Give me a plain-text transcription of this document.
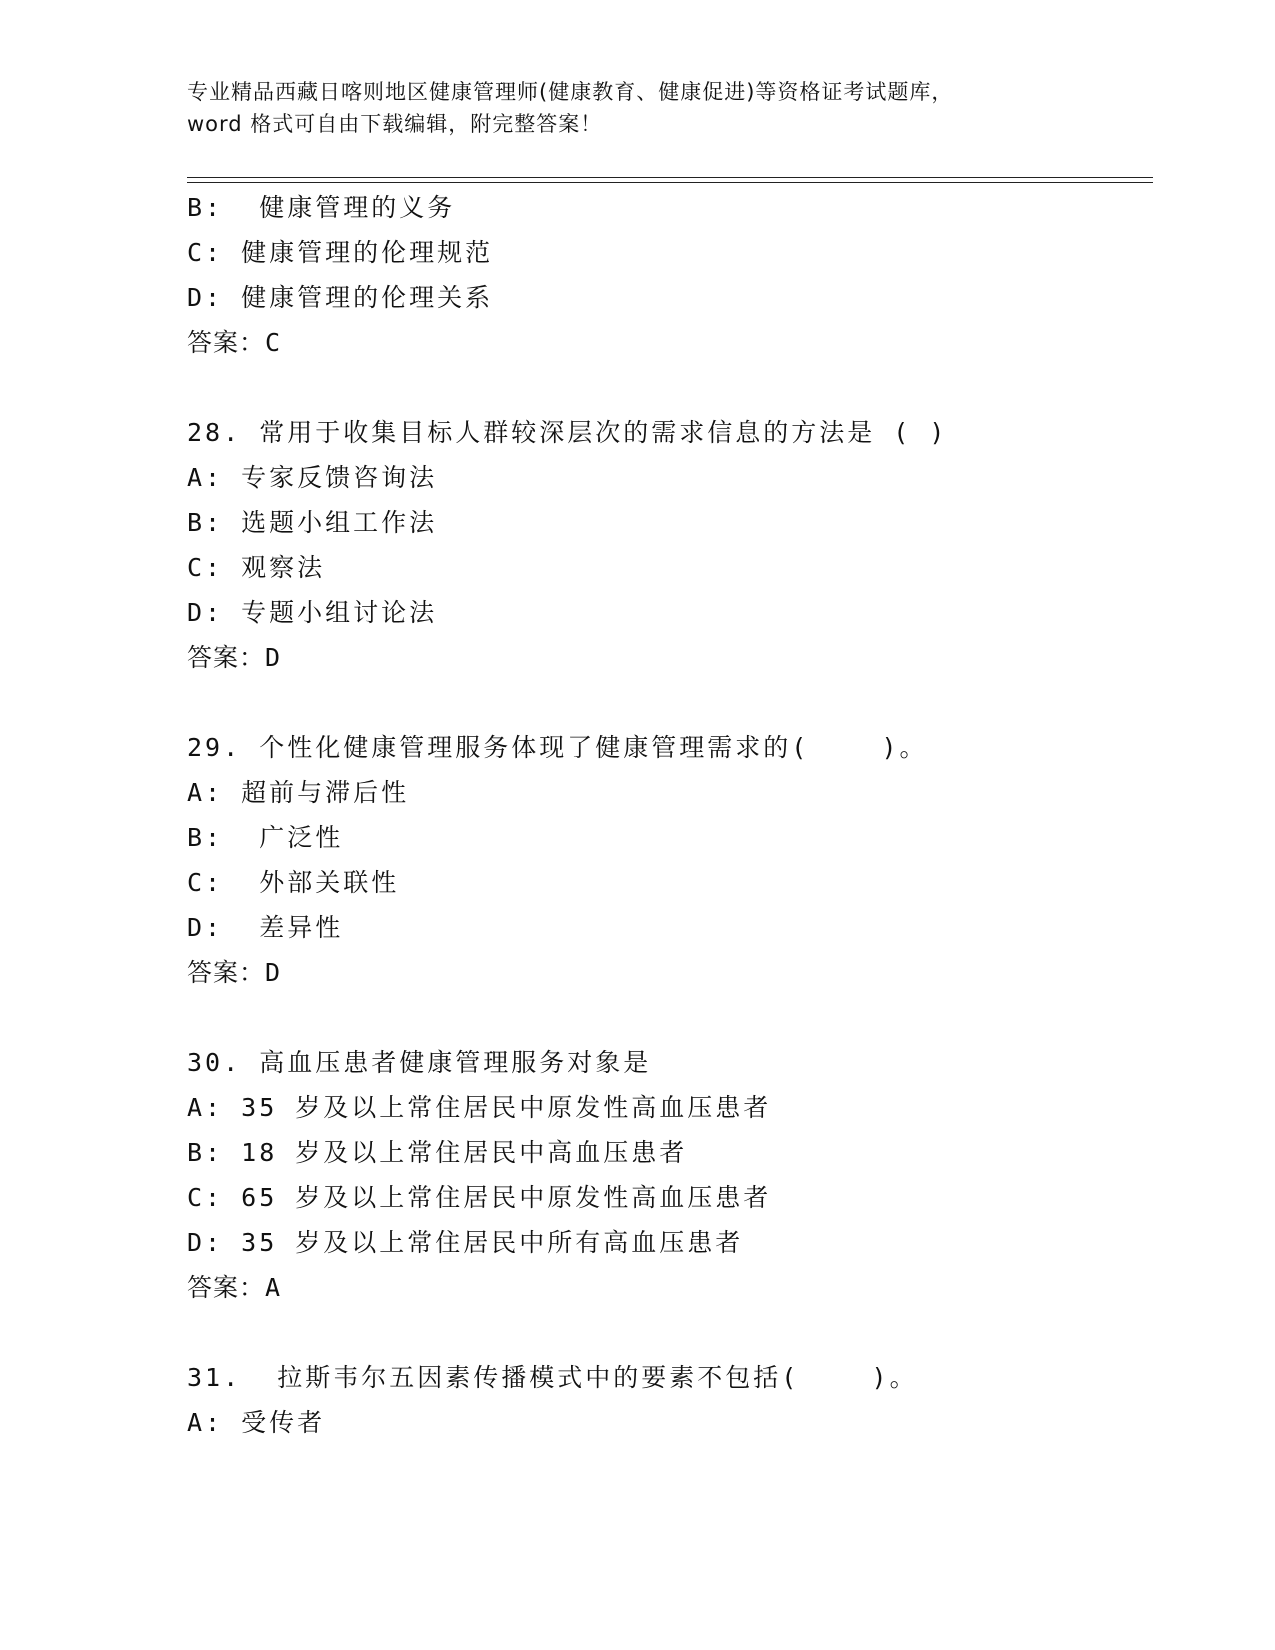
专业精品西藏日喀则地区健康管理师(健康教育、健康促进)等资格证考试题库，
word 格式可自由下载编辑，附完整答案！
B:  健康管理的义务
C: 健康管理的伦理规范
D: 健康管理的伦理关系
答案：C
28. 常用于收集目标人群较深层次的需求信息的方法是 ( )
A: 专家反馈咨询法
B: 选题小组工作法
C: 观察法
D: 专题小组讨论法
答案：D
29. 个性化健康管理服务体现了健康管理需求的(    )。
A: 超前与滞后性
B:  广泛性
C:  外部关联性
D:  差异性
答案：D
30. 高血压患者健康管理服务对象是
A: 35 岁及以上常住居民中原发性高血压患者
B: 18 岁及以上常住居民中高血压患者
C: 65 岁及以上常住居民中原发性高血压患者
D: 35 岁及以上常住居民中所有高血压患者
答案：A
31.  拉斯韦尔五因素传播模式中的要素不包括(    )。
A: 受传者
